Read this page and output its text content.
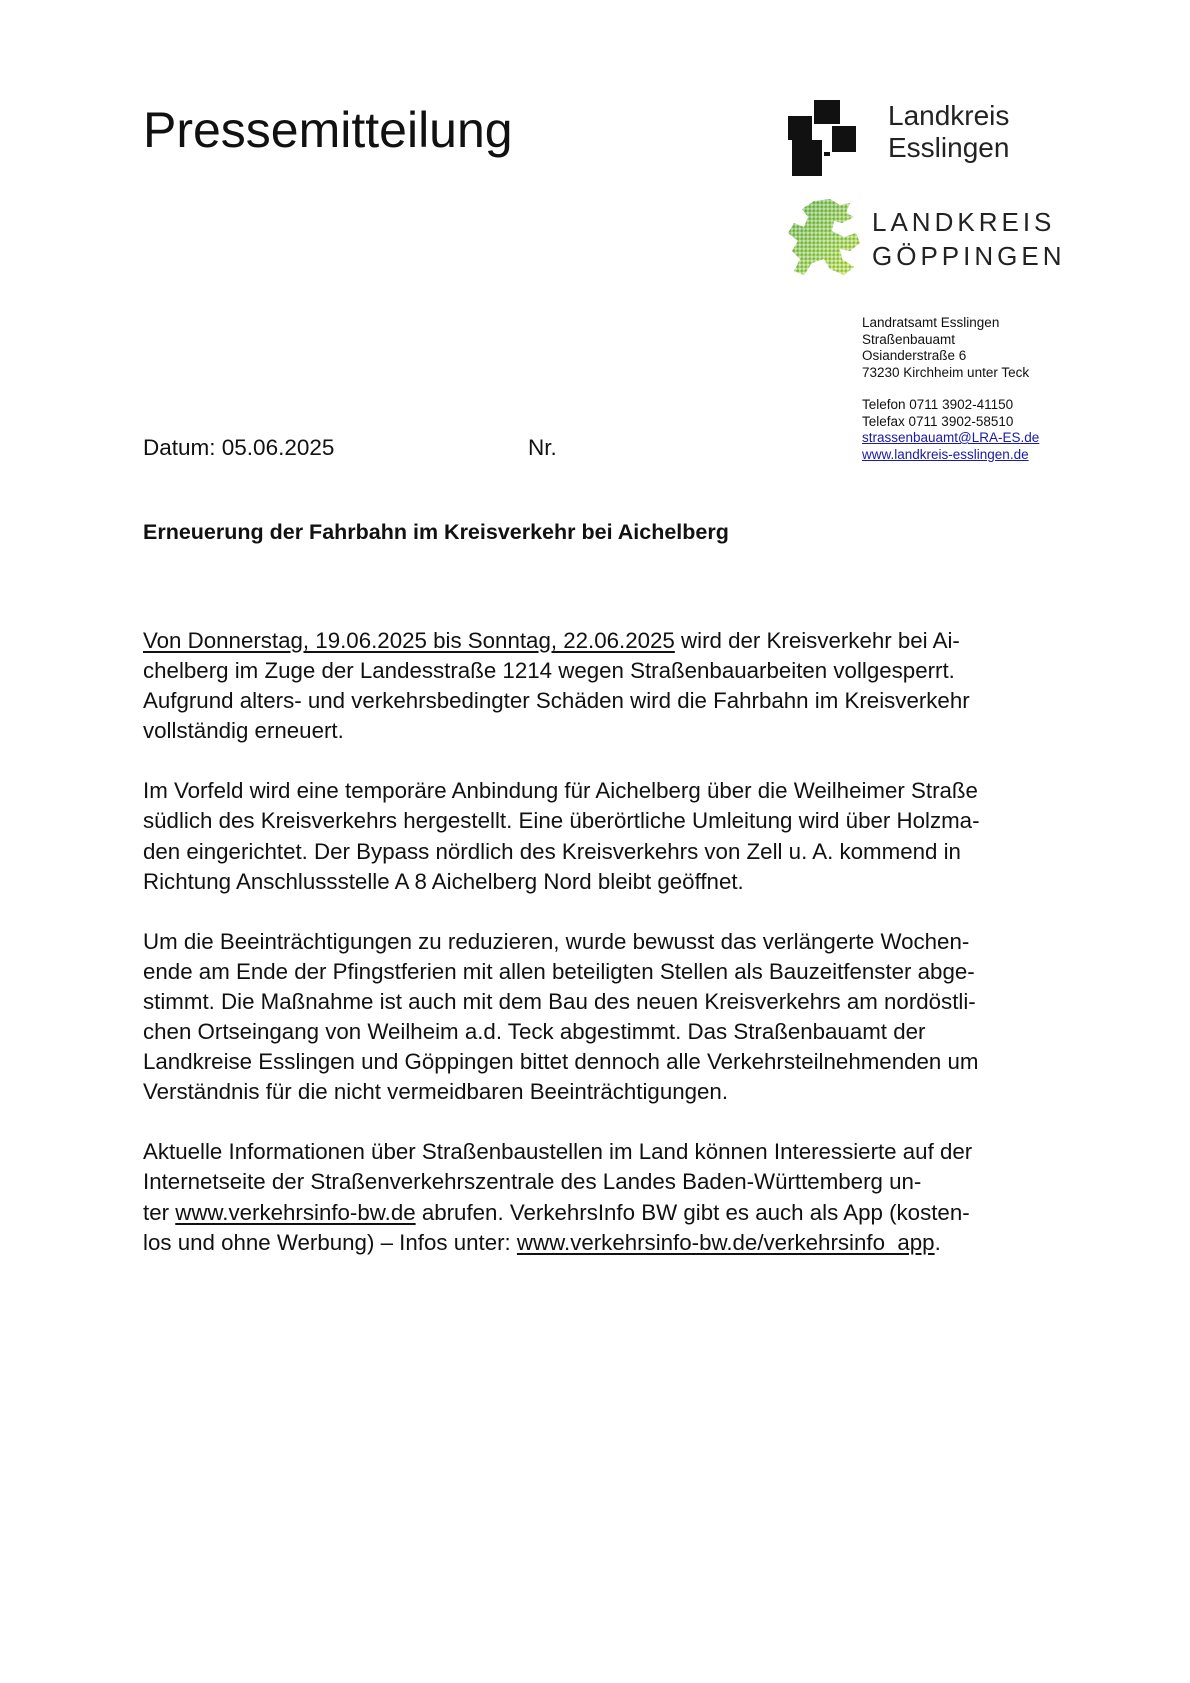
Pressemitteilung	Landkreis
Esslingen
LANDKREIS
GÖPPINGEN
Landratsamt Esslingen
Straßenbauamt
Osianderstraße 6
73230 Kirchheim unter Teck
Telefon 0711 3902-41150
Telefax 0711 3902-58510
strassenbauamt@LRA-ES.de
www.landkreis-esslingen.de
Datum: 05.06.2025	Nr.
Erneuerung der Fahrbahn im Kreisverkehr bei Aichelberg

Von Donnerstag, 19.06.2025 bis Sonntag, 22.06.2025 wird der Kreisverkehr bei Ai-
chelberg im Zuge der Landesstraße 1214 wegen Straßenbauarbeiten vollgesperrt.
Aufgrund alters- und verkehrsbedingter Schäden wird die Fahrbahn im Kreisverkehr
vollständig erneuert.

Im Vorfeld wird eine temporäre Anbindung für Aichelberg über die Weilheimer Straße
südlich des Kreisverkehrs hergestellt. Eine überörtliche Umleitung wird über Holzma-
den eingerichtet. Der Bypass nördlich des Kreisverkehrs von Zell u. A. kommend in
Richtung Anschlussstelle A 8 Aichelberg Nord bleibt geöffnet.

Um die Beeinträchtigungen zu reduzieren, wurde bewusst das verlängerte Wochen-
ende am Ende der Pfingstferien mit allen beteiligten Stellen als Bauzeitfenster abge-
stimmt. Die Maßnahme ist auch mit dem Bau des neuen Kreisverkehrs am nordöstli-
chen Ortseingang von Weilheim a.d. Teck abgestimmt. Das Straßenbauamt der
Landkreise Esslingen und Göppingen bittet dennoch alle Verkehrsteilnehmenden um
Verständnis für die nicht vermeidbaren Beeinträchtigungen.

Aktuelle Informationen über Straßenbaustellen im Land können Interessierte auf der
Internetseite der Straßenverkehrszentrale des Landes Baden-Württemberg un-
ter www.verkehrsinfo-bw.de abrufen. VerkehrsInfo BW gibt es auch als App (kosten-
los und ohne Werbung) – Infos unter: www.verkehrsinfo-bw.de/verkehrsinfo_app.
